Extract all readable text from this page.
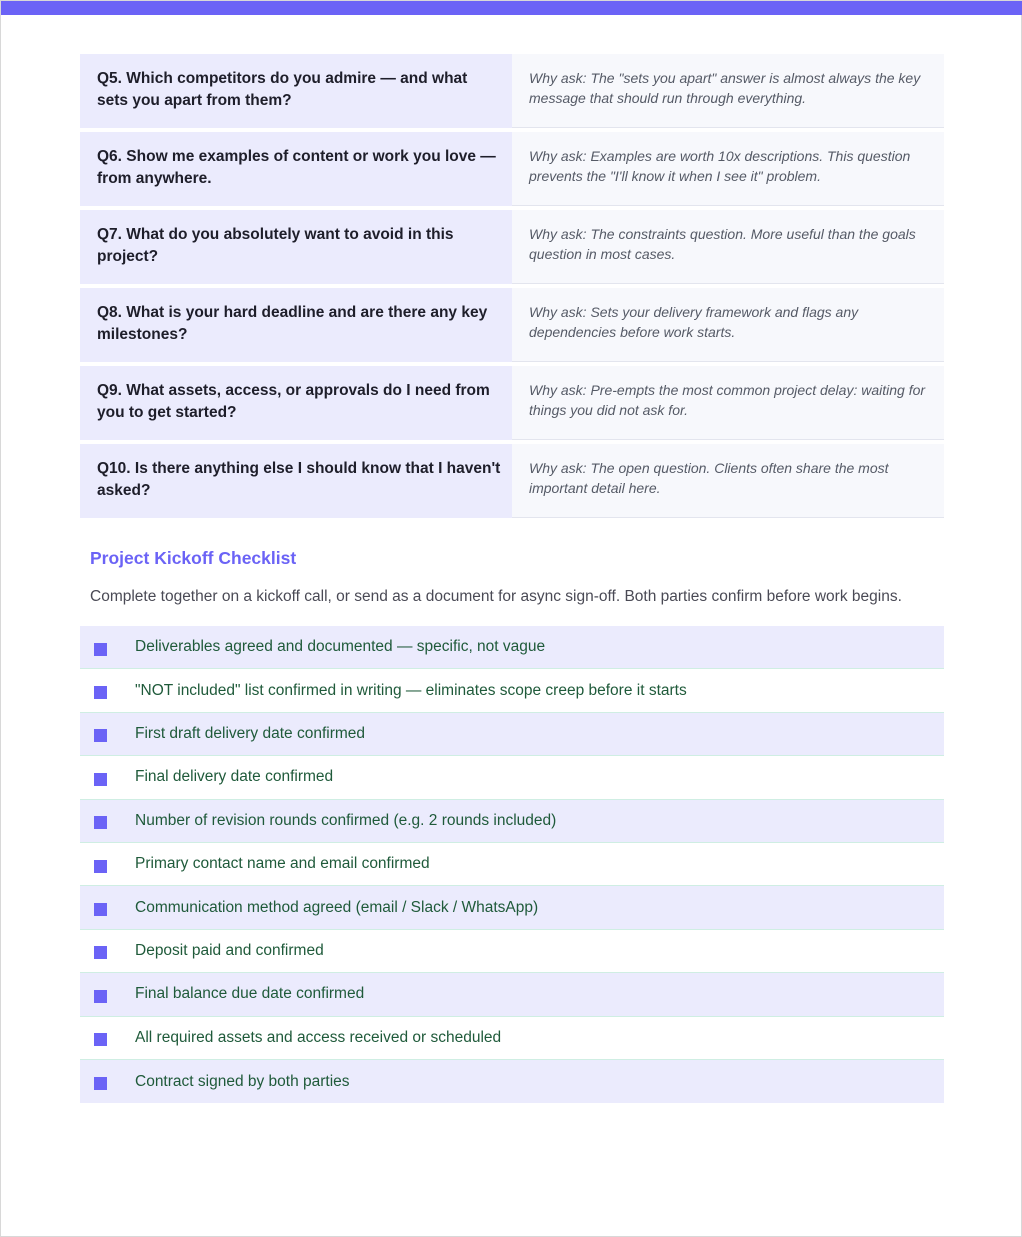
Q5. Which competitors do you admire — and what sets you apart from them?
Why ask: The "sets you apart" answer is almost always the key message that should run through everything.
Q6. Show me examples of content or work you love — from anywhere.
Why ask: Examples are worth 10x descriptions. This question prevents the "I'll know it when I see it" problem.
Q7. What do you absolutely want to avoid in this project?
Why ask: The constraints question. More useful than the goals question in most cases.
Q8. What is your hard deadline and are there any key milestones?
Why ask: Sets your delivery framework and flags any dependencies before work starts.
Q9. What assets, access, or approvals do I need from you to get started?
Why ask: Pre-empts the most common project delay: waiting for things you did not ask for.
Q10. Is there anything else I should know that I haven't asked?
Why ask: The open question. Clients often share the most important detail here.
Project Kickoff Checklist
Complete together on a kickoff call, or send as a document for async sign-off. Both parties confirm before work begins.
Deliverables agreed and documented — specific, not vague
"NOT included" list confirmed in writing — eliminates scope creep before it starts
First draft delivery date confirmed
Final delivery date confirmed
Number of revision rounds confirmed (e.g. 2 rounds included)
Primary contact name and email confirmed
Communication method agreed (email / Slack / WhatsApp)
Deposit paid and confirmed
Final balance due date confirmed
All required assets and access received or scheduled
Contract signed by both parties
